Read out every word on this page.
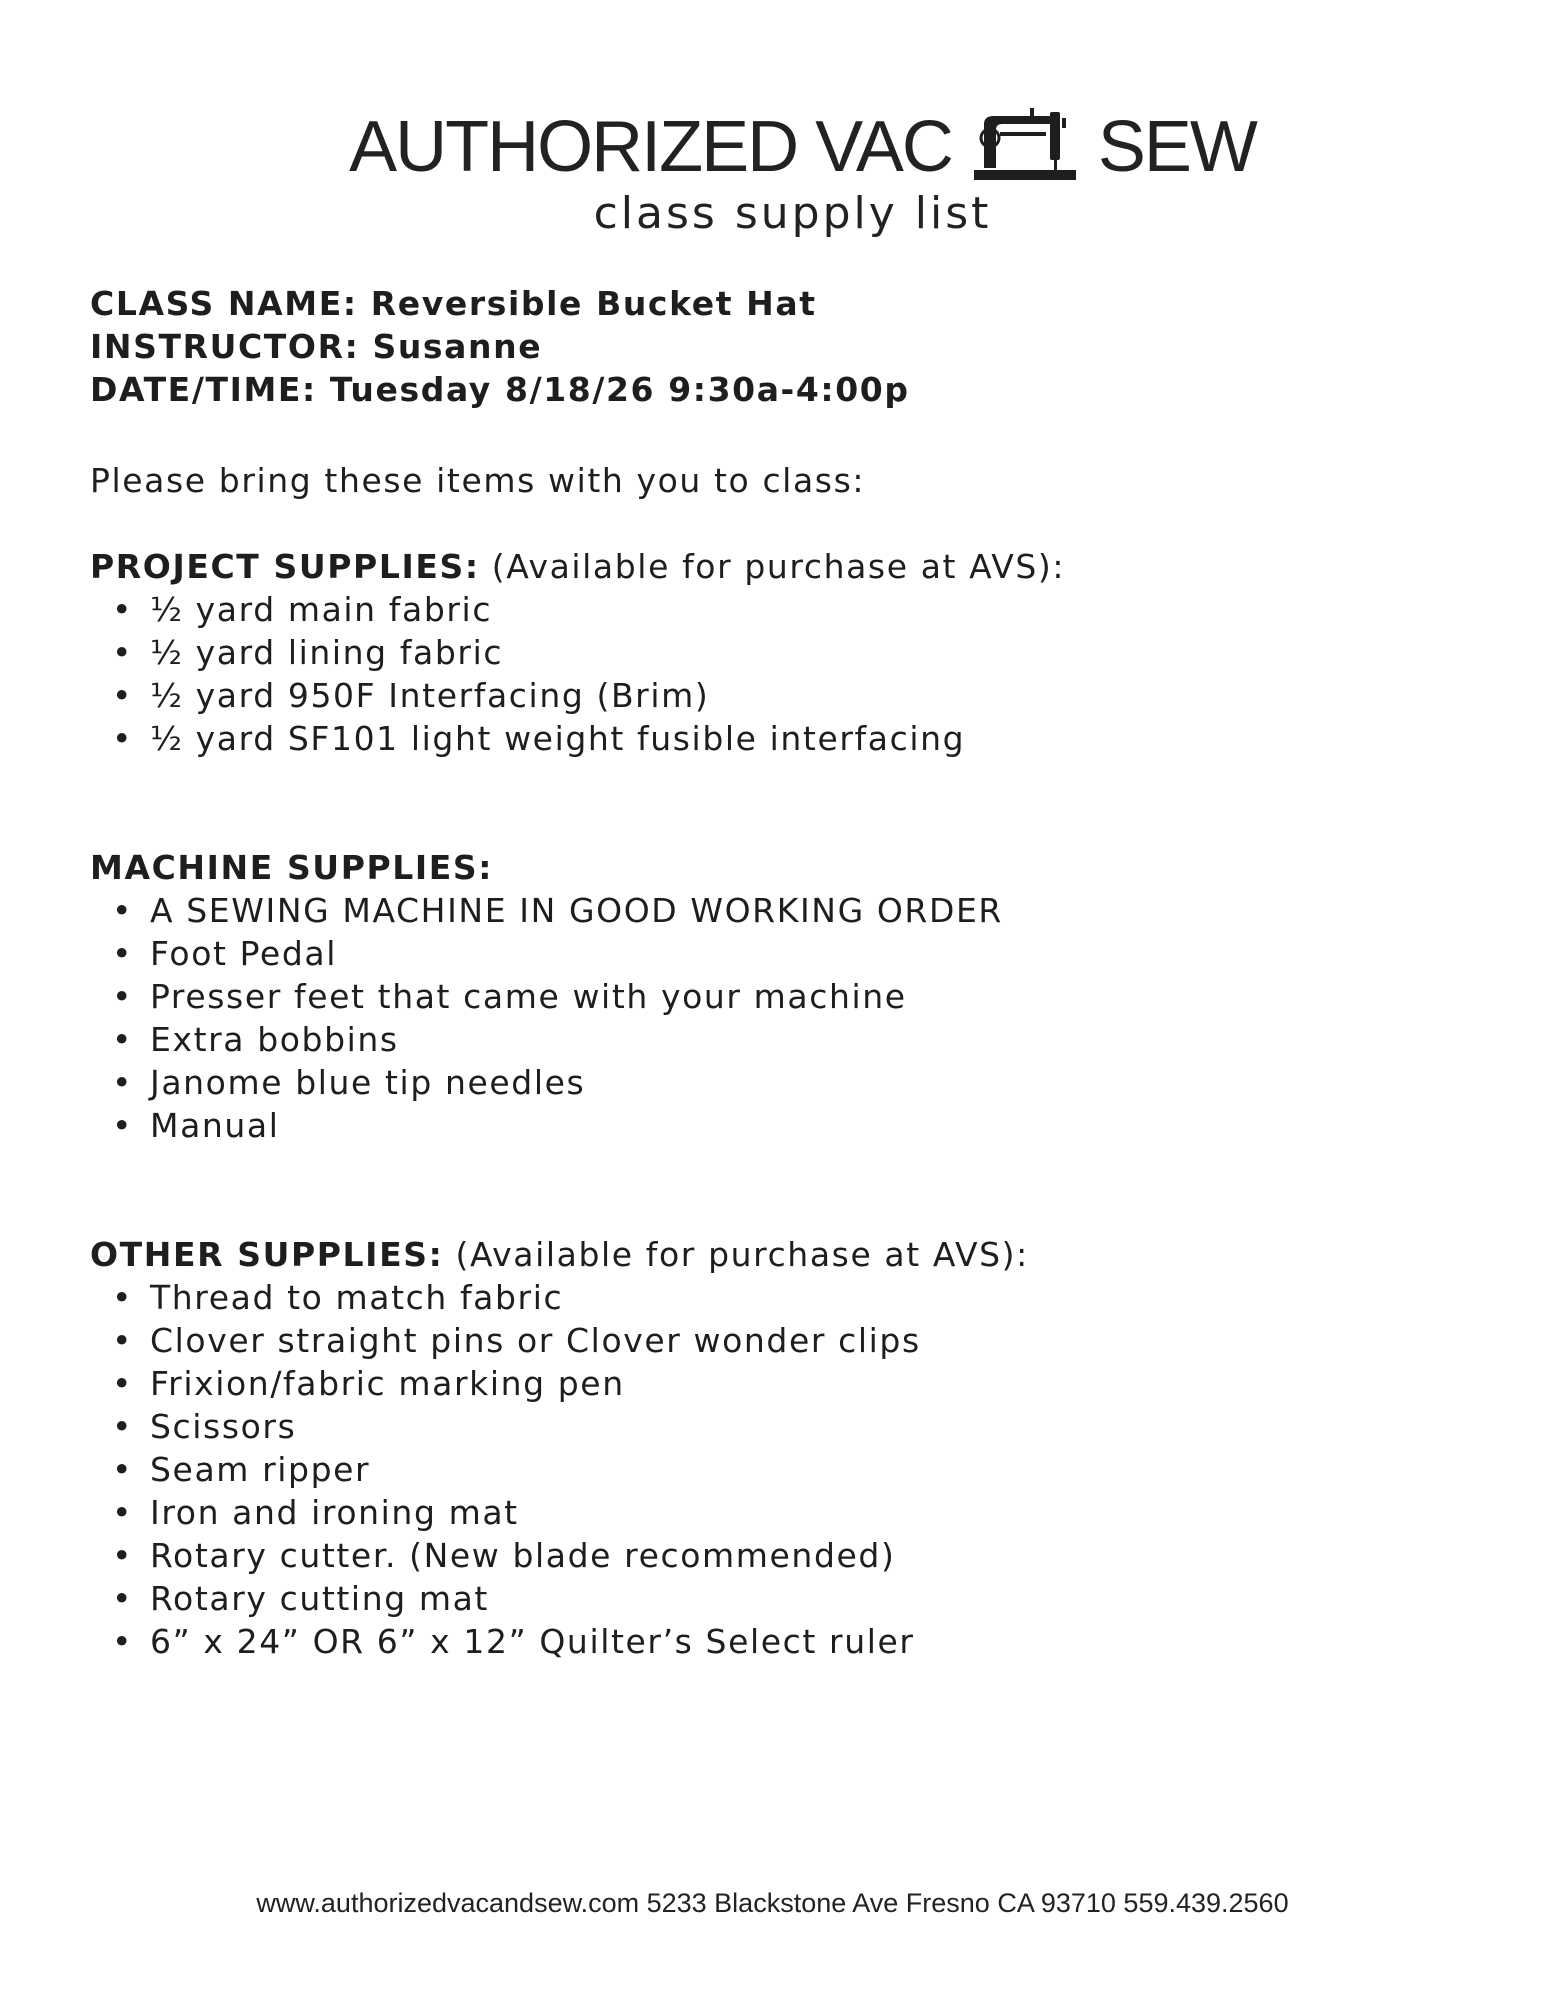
AUTHORIZED VAC SEW
class supply list
CLASS NAME: Reversible Bucket Hat
INSTRUCTOR: Susanne
DATE/TIME: Tuesday 8/18/26 9:30a-4:00p
Please bring these items with you to class:
PROJECT SUPPLIES: (Available for purchase at AVS):
• ½ yard main fabric
• ½ yard lining fabric
• ½ yard 950F Interfacing (Brim)
• ½ yard SF101 light weight fusible interfacing
MACHINE SUPPLIES:
• A SEWING MACHINE IN GOOD WORKING ORDER
• Foot Pedal
• Presser feet that came with your machine
• Extra bobbins
• Janome blue tip needles
• Manual
OTHER SUPPLIES: (Available for purchase at AVS):
• Thread to match fabric
• Clover straight pins or Clover wonder clips
• Frixion/fabric marking pen
• Scissors
• Seam ripper
• Iron and ironing mat
• Rotary cutter. (New blade recommended)
• Rotary cutting mat
• 6” x 24” OR 6” x 12” Quilter’s Select ruler
www.authorizedvacandsew.com 5233 Blackstone Ave Fresno CA 93710 559.439.2560
